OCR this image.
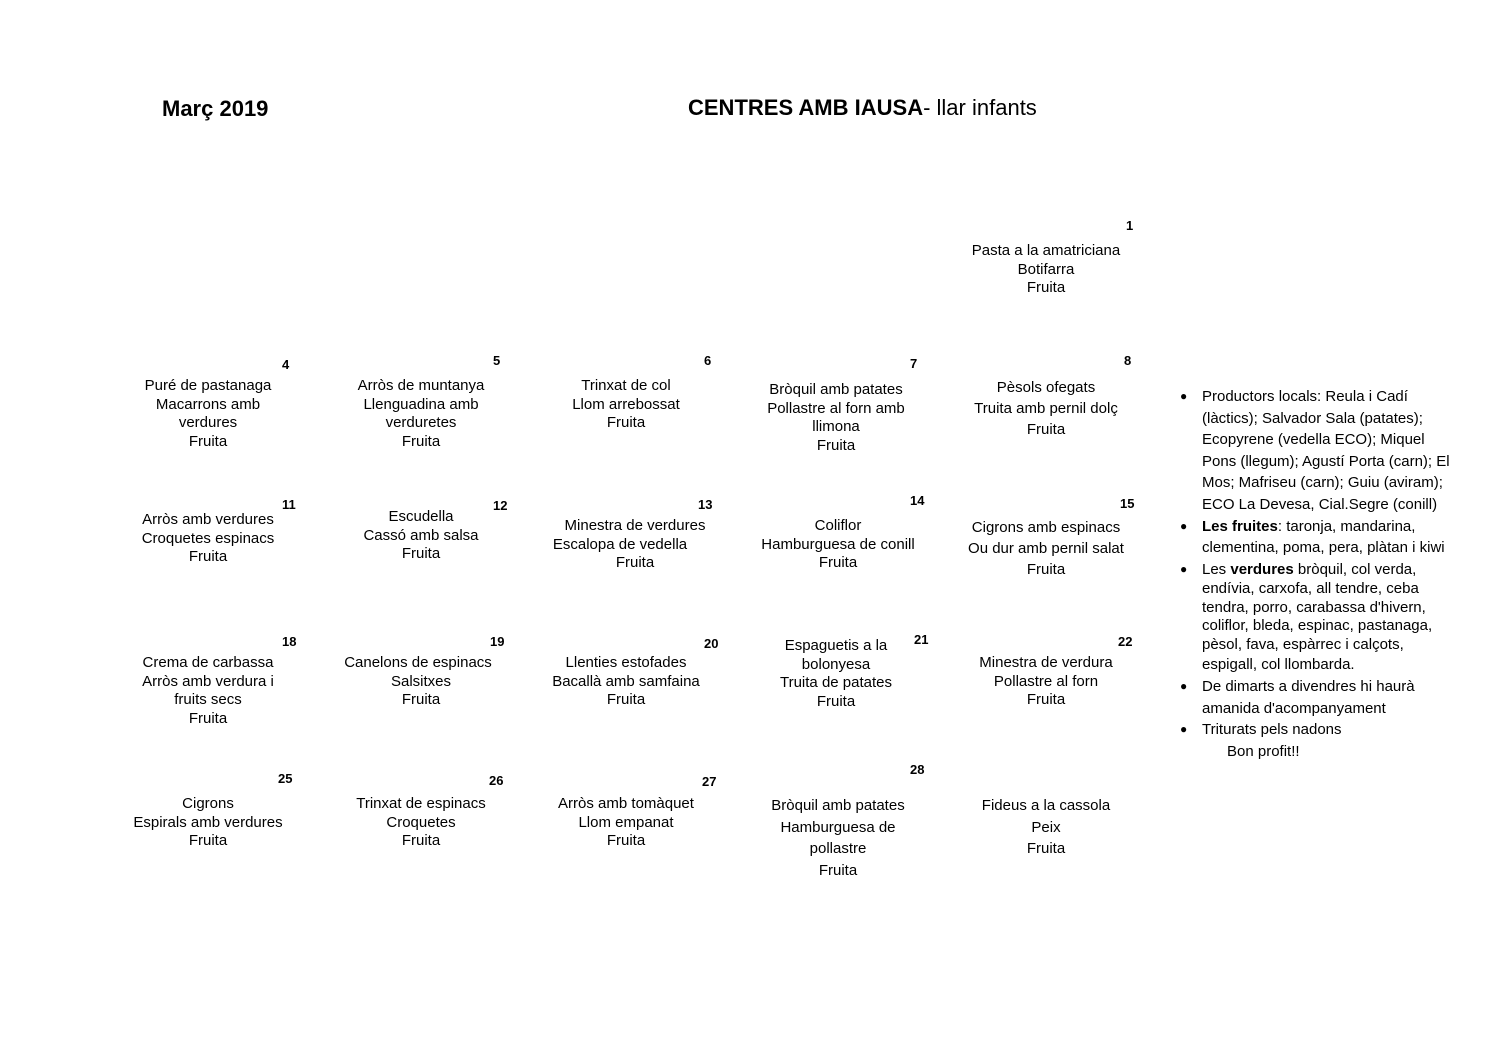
Març 2019	CENTRES AMB IAUSA- llar infants
1
Pasta a la amatriciana
Botifarra
Fruita
4
Puré de pastanaga
Macarrons amb
verdures
Fruita
5
Arròs de muntanya
Llenguadina amb
verduretes
Fruita
6
Trinxat de col
Llom arrebossat
Fruita
7
Bròquil amb patates
Pollastre al forn amb
llimona
Fruita
8
Pèsols ofegats
Truita amb pernil dolç
Fruita
11
Arròs amb verdures
Croquetes espinacs
Fruita
12
Escudella
Cassó amb salsa
Fruita
13
Minestra de verdures
Escalopa de vedella
Fruita
14
Coliflor
Hamburguesa de conill
Fruita
15
Cigrons amb espinacs
Ou dur amb pernil salat
Fruita
18
Crema de carbassa
Arròs amb verdura i
fruits secs
Fruita
19
Canelons de espinacs
Salsitxes
Fruita
20
Llenties estofades
Bacallà amb samfaina
Fruita
21
Espaguetis a la
bolonyesa
Truita de patates
Fruita
22
Minestra de verdura
Pollastre al forn
Fruita
25
Cigrons
Espirals amb verdures
Fruita
26
Trinxat de espinacs
Croquetes
Fruita
27
Arròs amb tomàquet
Llom empanat
Fruita
28
Bròquil amb patates
Hamburguesa de
pollastre
Fruita
Fideus a la cassola
Peix
Fruita
● Productors locals: Reula i Cadí
(làctics); Salvador Sala (patates);
Ecopyrene (vedella ECO); Miquel
Pons (llegum); Agustí Porta (carn); El
Mos; Mafriseu (carn); Guiu (aviram);
ECO La Devesa, Cial.Segre (conill)
● Les fruites: taronja, mandarina,
clementina, poma, pera, plàtan i kiwi
● Les verdures bròquil, col verda,
endívia, carxofa, all tendre, ceba
tendra, porro, carabassa d'hivern,
coliflor, bleda, espinac, pastanaga,
pèsol, fava, espàrrec i calçots,
espigall, col llombarda.
● De dimarts a divendres hi haurà
amanida d'acompanyament
● Triturats pels nadons
Bon profit!!
